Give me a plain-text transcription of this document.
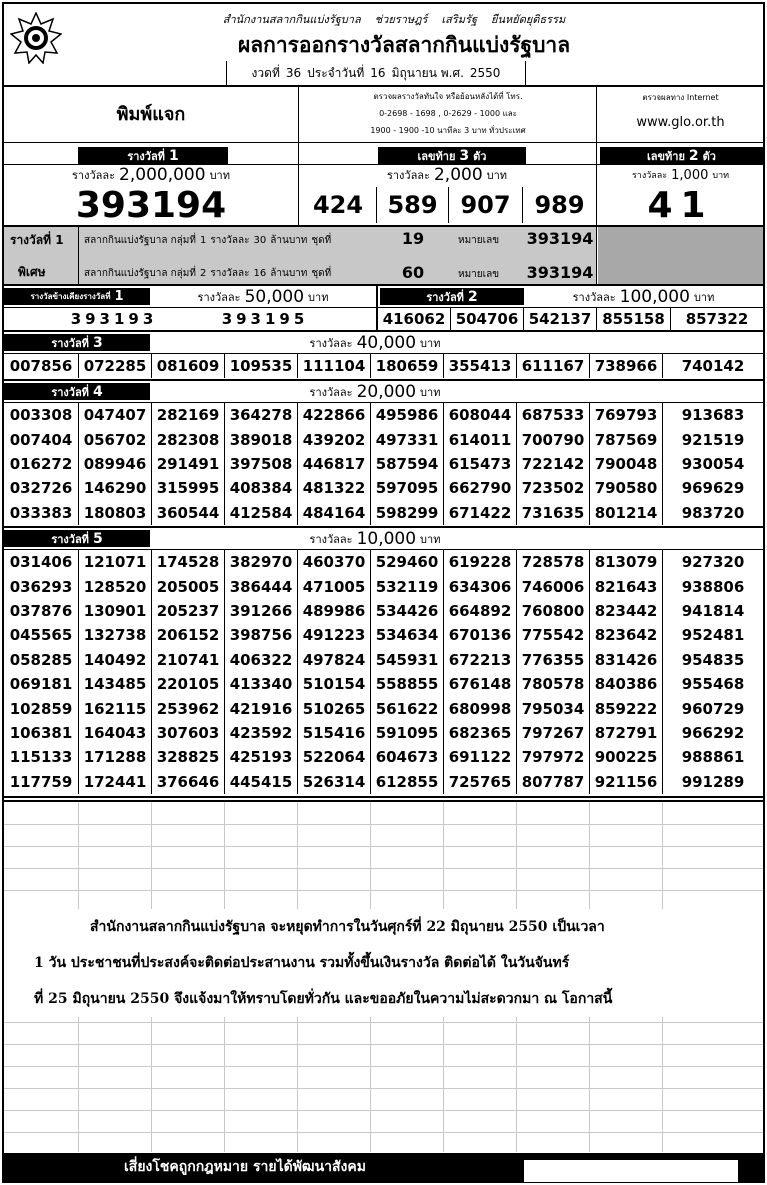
สำนักงานสลากกินแบ่งรัฐบาล ช่วยราษฎร์ เสริมรัฐ ยืนหยัดยุติธรรม
ผลการออกรางวัลสลากกินแบ่งรัฐบาล
งวดที่ 36 ประจำวันที่ 16 มิถุนายน พ.ศ. 2550
พิมพ์แจก
ตรวจผลรางวัลทันใจ หรือย้อนหลังได้ที่ โทร.
0-2698 - 1698 , 0-2629 - 1000 และ
1900 - 1900 -10 นาทีละ 3 บาท ทั่วประเทศ
ตรวจผลทาง Internet
www.glo.or.th
รางวัลที่ 1
รางวัลละ 2,000,000 บาท
393194
เลขท้าย 3 ตัว
รางวัลละ 2,000 บาท
424	589 907 989
เลขท้าย 2 ตัว
รางวัลละ 1,000 บาท
41
รางวัลที่ 1
พิเศษ
สลากกินแบ่งรัฐบาล กลุ่มที่ 1 รางวัลละ 30 ล้านบาท ชุดที่	19	หมายเลข 393194
สลากกินแบ่งรัฐบาล กลุ่มที่ 2 รางวัลละ 16 ล้านบาท ชุดที่	60	หมายเลข 393194
รางวัลข้างเคียงรางวัลที่ 1	รางวัลละ 50,000 บาท	รางวัลที่ 2	รางวัลละ 100,000 บาท
393193	393195	416062 504706 542137 855158	857322
รางวัลที่ 3	รางวัลละ 40,000 บาท
007856 072285 081609 109535 111104 180659 355413 611167 738966	740142
รางวัลที่ 4	รางวัลละ 20,000 บาท
003308 047407 282169 364278 422866 495986 608044 687533 769793	913683
007404 056702 282308 389018 439202 497331 614011 700790 787569	921519
016272 089946 291491 397508 446817 587594 615473 722142 790048	930054
032726 146290 315995 408384 481322 597095 662790 723502 790580	969629
033383 180803 360544 412584 484164 598299 671422 731635 801214	983720
รางวัลที่ 5	รางวัลละ 10,000 บาท
031406 121071 174528 382970 460370 529460 619228 728578 813079	927320
036293 128520 205005 386444 471005 532119 634306 746006 821643	938806
037876 130901 205237 391266 489986 534426 664892 760800 823442	941814
045565 132738 206152 398756 491223 534634 670136 775542 823642	952481
058285 140492 210741 406322 497824 545931 672213 776355 831426	954835
069181 143485 220105 413340 510154 558855 676148 780578 840386	955468
102859 162115 253962 421916 510265 561622 680998 795034 859222	960729
106381 164043 307603 423592 515416 591095 682365 797267 872791	966292
115133 171288 328825 425193 522064 604673 691122 797972 900225	988861
117759 172441 376646 445415 526314 612855 725765 807787 921156	991289
เสี่ยงโชคถูกกฎหมาย รายได้พัฒนาสังคม
สำนักงานสลากกินแบ่งรัฐบาล จะหยุดทำการในวันศุกร์ที่ 22 มิถุนายน 2550 เป็นเวลา
1 วัน ประชาชนที่ประสงค์จะติดต่อประสานงาน รวมทั้งขึ้นเงินรางวัล ติดต่อได้ ในวันจันทร์
ที่ 25 มิถุนายน 2550 จึงแจ้งมาให้ทราบโดยทั่วกัน และขออภัยในความไม่สะดวกมา ณ โอกาสนี้
